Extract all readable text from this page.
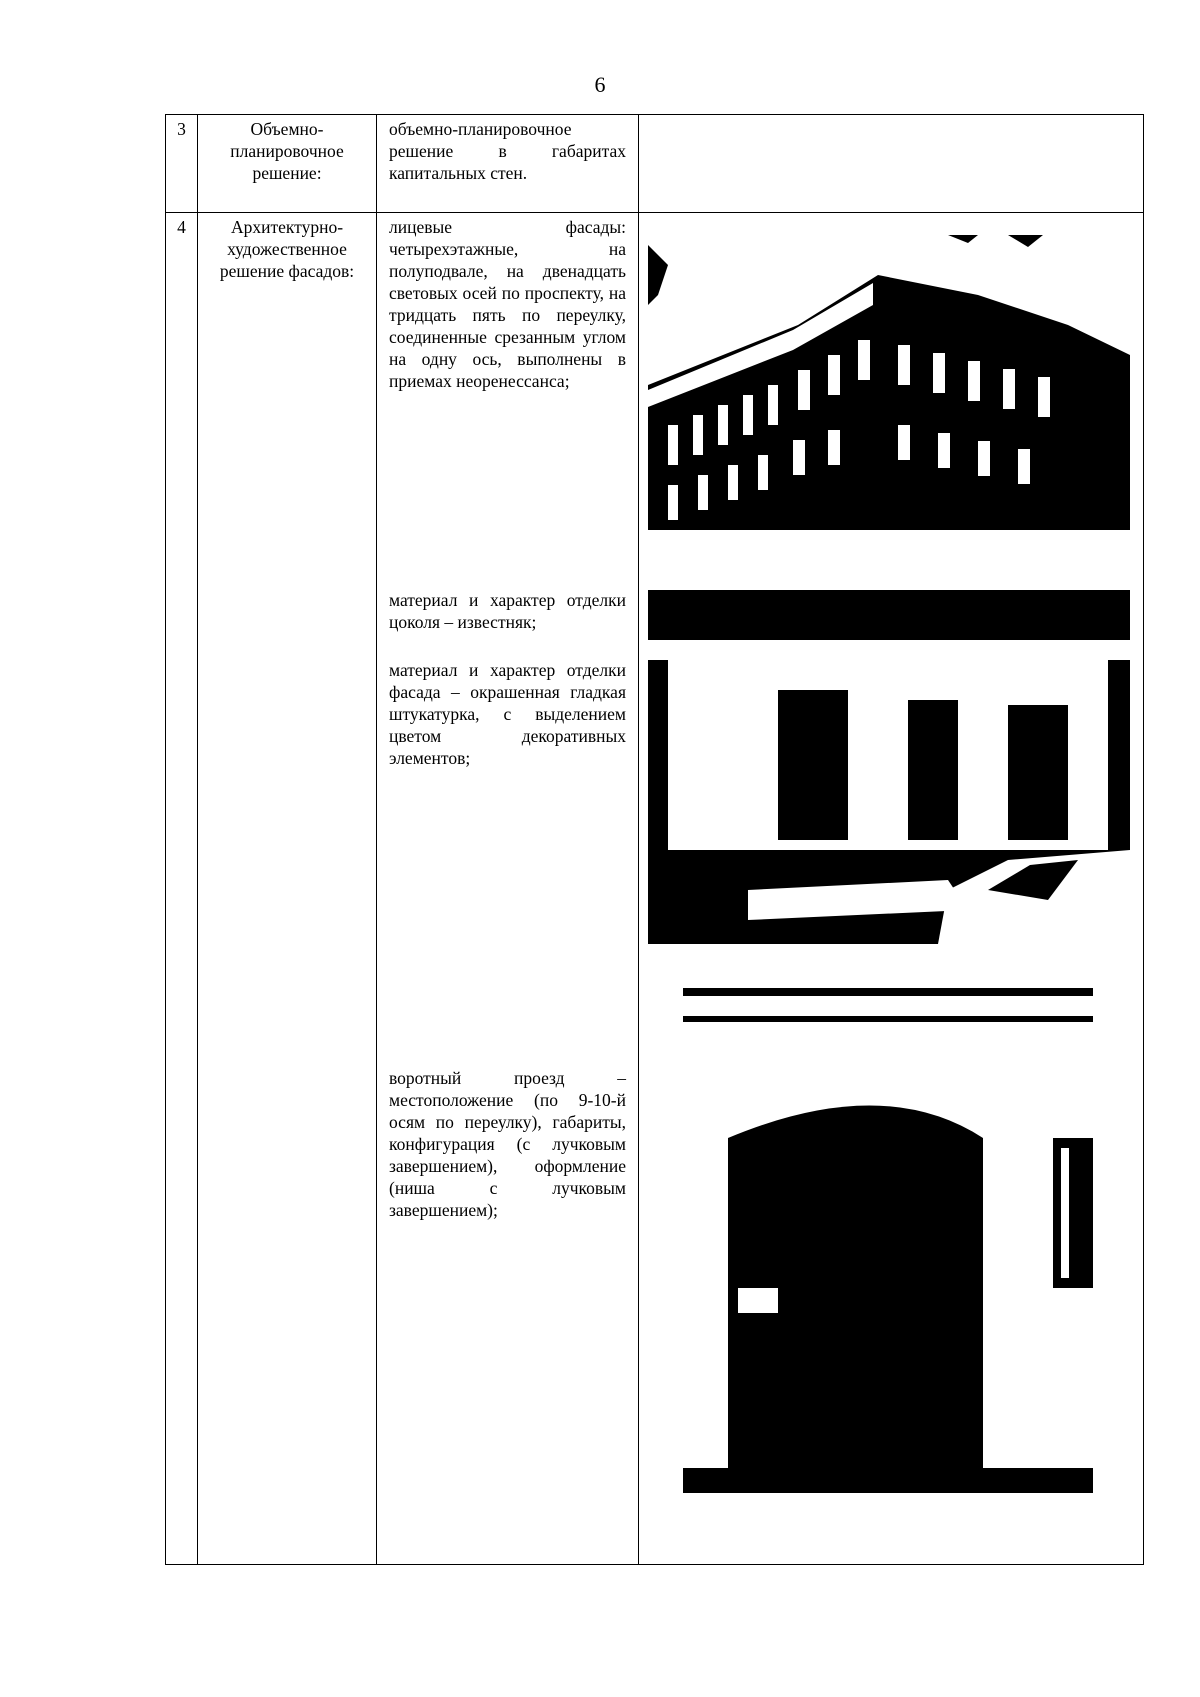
6
3	Объемно-планировочное решение:	объемно-планировочное решение в габаритах капитальных стен.	

4	Архитектурно-художественное решение фасадов:	лицевые фасады: четырехэтажные, на полуподвале, на двенадцать световых осей по проспекту, на тридцать пять по переулку, соединенные срезанным углом на одну ось, выполнены в приемах неоренессанса;

материал и характер отделки цоколя – известняк;

материал и характер отделки фасада – окрашенная гладкая штукатурка, с выделением цветом декоративных элементов;

воротный проезд – местоположение (по 9-10-й осям по переулку), габариты, конфигурация (с лучковым завершением), оформление (ниша с лучковым завершением);
